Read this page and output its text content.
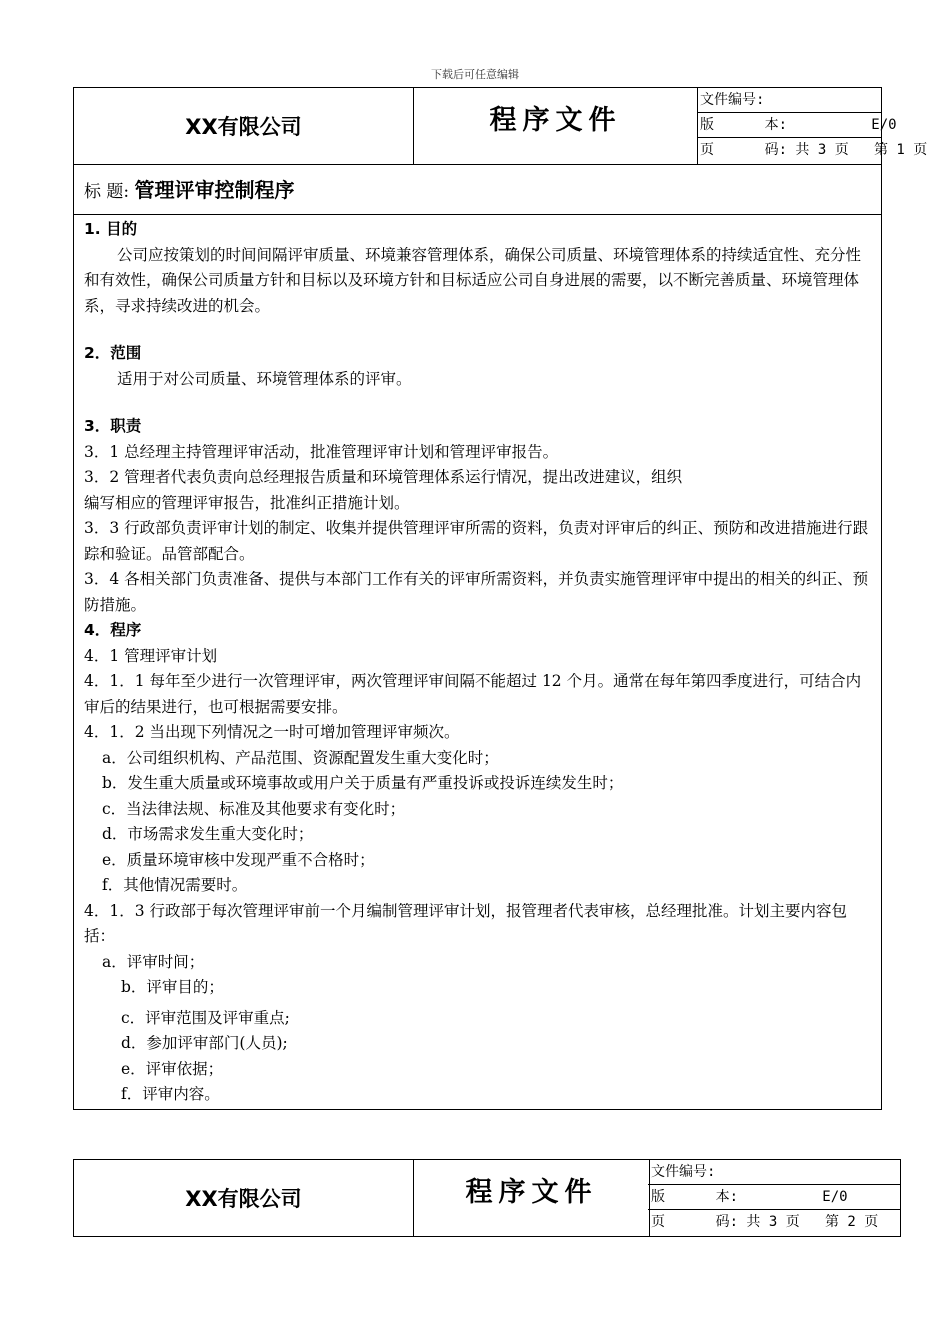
下载后可任意编辑
XX有限公司	程序文件
文件编号:
版      本:          E/0
页      码: 共 3 页   第 1 页
标 题: 管理评审控制程序

1. 目的

公司应按策划的时间间隔评审质量、环境兼容管理体系，确保公司质量、环境管理体系的持续适宜性、充分性和有效性，确保公司质量方针和目标以及环境方针和目标适应公司自身进展的需要，以不断完善质量、环境管理体系，寻求持续改进的机会。

2．范围

适用于对公司质量、环境管理体系的评审。

3．职责

3．1 总经理主持管理评审活动，批准管理评审计划和管理评审报告。

3．2 管理者代表负责向总经理报告质量和环境管理体系运行情况，提出改进建议，组织

编写相应的管理评审报告，批准纠正措施计划。

3．3 行政部负责评审计划的制定、收集并提供管理评审所需的资料，负责对评审后的纠正、预防和改进措施进行跟踪和验证。品管部配合。

3．4 各相关部门负责准备、提供与本部门工作有关的评审所需资料，并负责实施管理评审中提出的相关的纠正、预防措施。

4．程序

4．1 管理评审计划

4．1．1 每年至少进行一次管理评审，两次管理评审间隔不能超过 12 个月。通常在每年第四季度进行，可结合内审后的结果进行，也可根据需要安排。

4．1．2 当出现下列情况之一时可增加管理评审频次。

a．公司组织机构、产品范围、资源配置发生重大变化时；

b．发生重大质量或环境事故或用户关于质量有严重投诉或投诉连续发生时；

c．当法律法规、标准及其他要求有变化时；

d．市场需求发生重大变化时；

e．质量环境审核中发现严重不合格时；

f．其他情况需要时。

4．1．3 行政部于每次管理评审前一个月编制管理评审计划，报管理者代表审核，总经理批准。计划主要内容包括：

a．评审时间；

b．评审目的；

c．评审范围及评审重点;

d．参加评审部门(人员);

e．评审依据；

f．评审内容。

XX有限公司	程序文件
文件编号:
版      本:          E/0
页      码: 共 3 页   第 2 页
